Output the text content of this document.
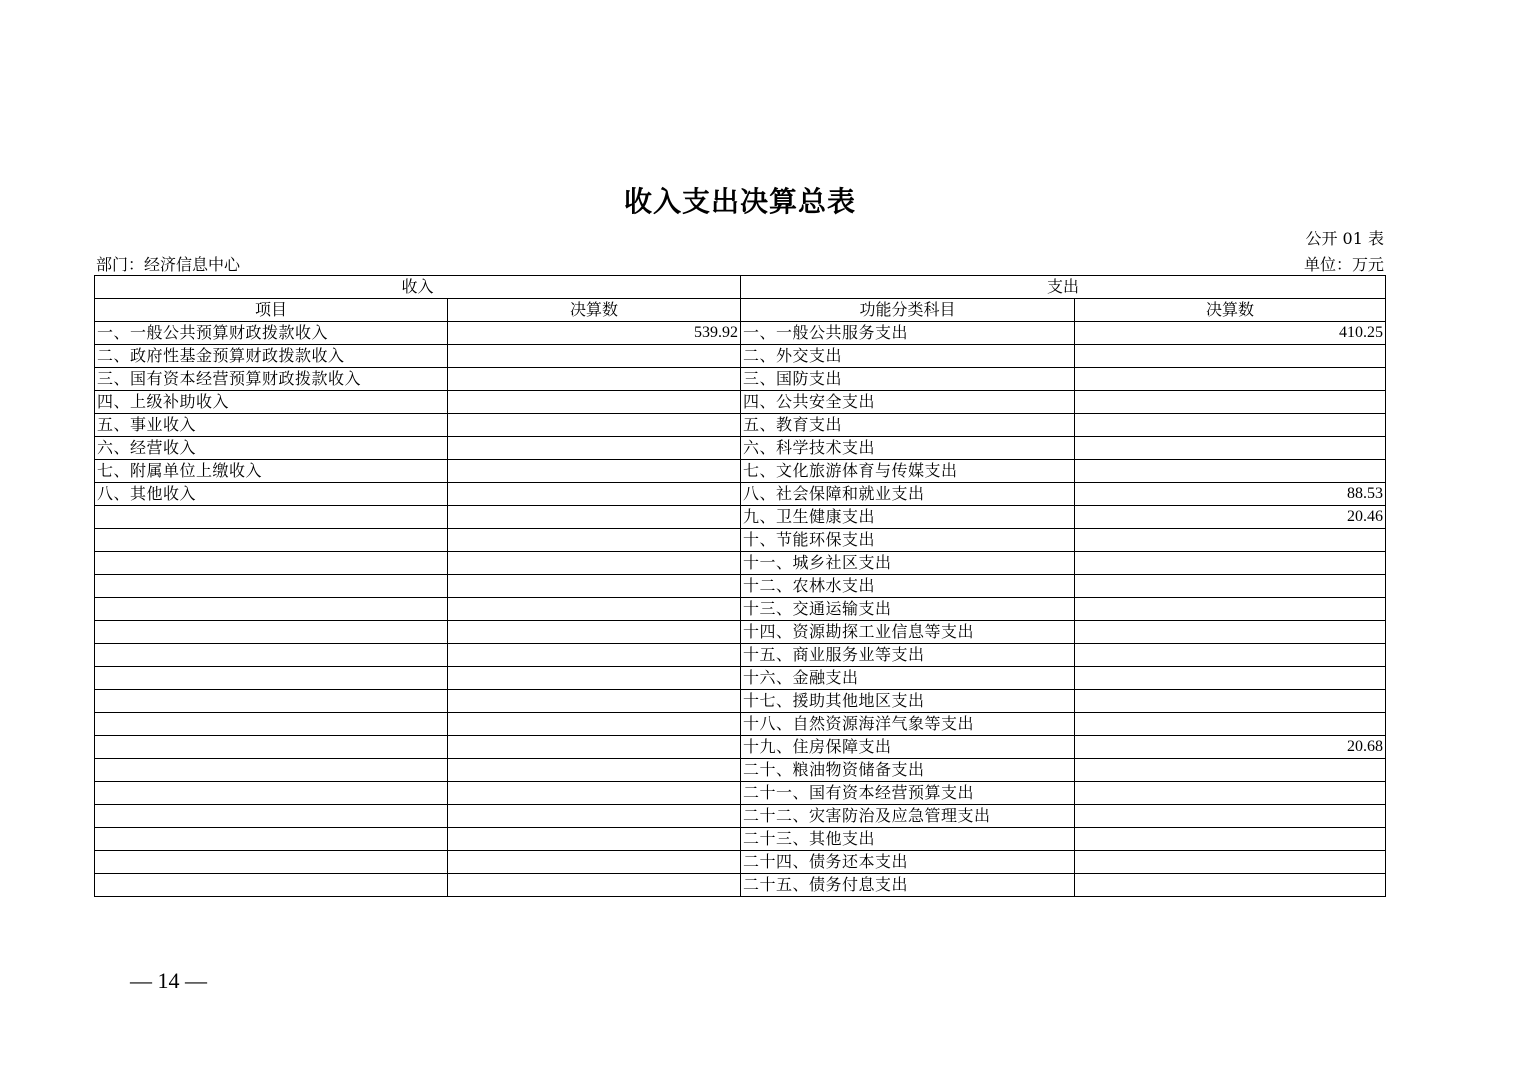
收入支出决算总表
公开 01 表
部门：经济信息中心	单位：万元
收入		支出	
项目	决算数	功能分类科目	决算数
一、一般公共预算财政拨款收入	539.92	一、一般公共服务支出	410.25
二、政府性基金预算财政拨款收入		二、外交支出	
三、国有资本经营预算财政拨款收入		三、国防支出	
四、上级补助收入		四、公共安全支出	
五、事业收入		五、教育支出	
六、经营收入		六、科学技术支出	
七、附属单位上缴收入		七、文化旅游体育与传媒支出	
八、其他收入		八、社会保障和就业支出	88.53
		九、卫生健康支出	20.46
		十、节能环保支出	
		十一、城乡社区支出	
		十二、农林水支出	
		十三、交通运输支出	
		十四、资源勘探工业信息等支出	
		十五、商业服务业等支出	
		十六、金融支出	
		十七、援助其他地区支出	
		十八、自然资源海洋气象等支出	
		十九、住房保障支出	20.68
		二十、粮油物资储备支出	
		二十一、国有资本经营预算支出	
		二十二、灾害防治及应急管理支出	
		二十三、其他支出	
		二十四、债务还本支出	
		二十五、债务付息支出	
— 14 —
